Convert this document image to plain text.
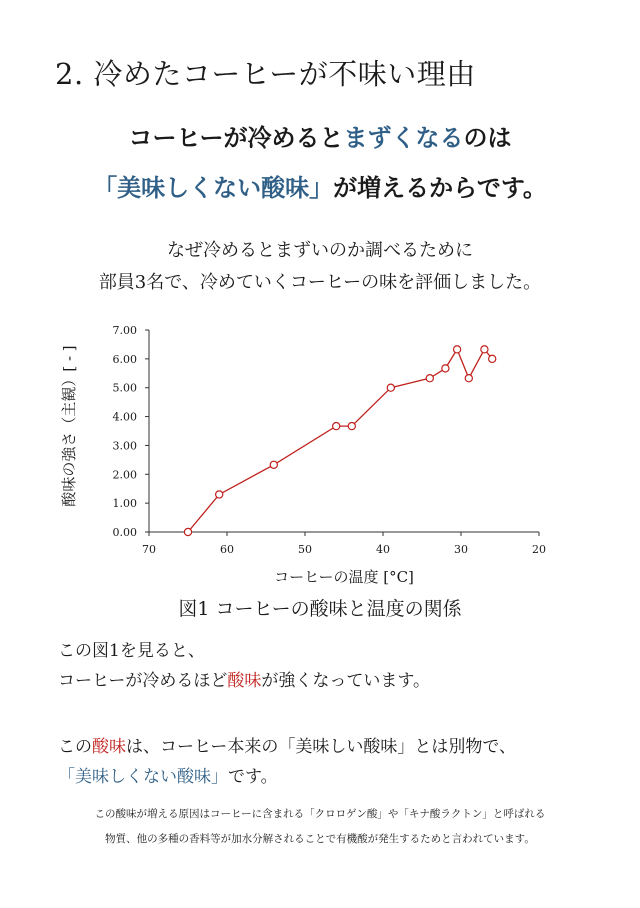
2. 冷めたコーヒーが不味い理由
コーヒーが冷めるとまずくなるのは
「美味しくない酸味」が増えるからです。
なぜ冷めるとまずいのか調べるために
部員3名で、冷めていくコーヒーの味を評価しました。
0.00
1.00
2.00
3.00
4.00
5.00
6.00
7.00
70	60	50	40	30	20
酸味の強さ（主観）[ - ]
コーヒーの温度 [°C]
図1 コーヒーの酸味と温度の関係
この図1を見ると、
コーヒーが冷めるほど酸味が強くなっています。
この酸味は、コーヒー本来の「美味しい酸味」とは別物で、
「美味しくない酸味」です。
この酸味が増える原因はコーヒーに含まれる「クロロゲン酸」や「キナ酸ラクトン」と呼ばれる
物質、他の多種の香料等が加水分解されることで有機酸が発生するためと言われています。
